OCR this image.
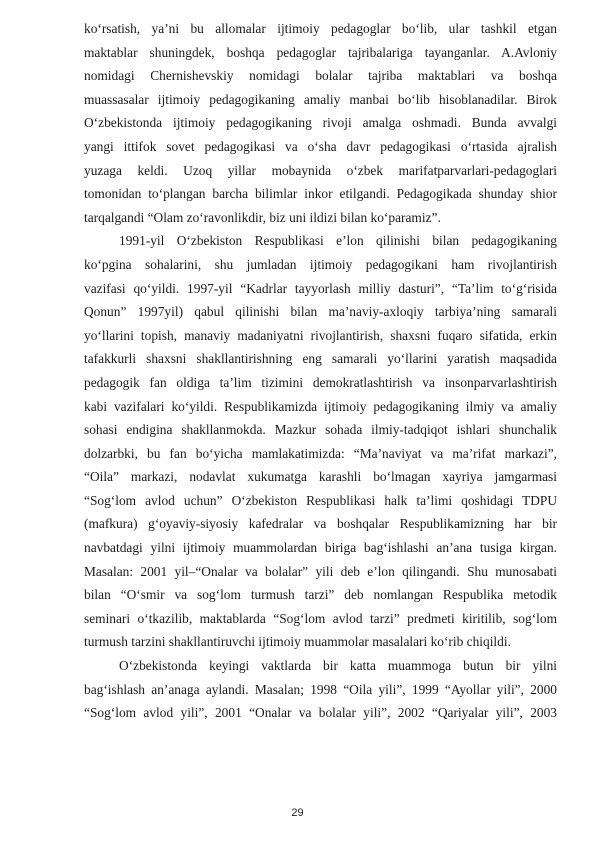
ko‘rsatish, ya’ni bu allomalar ijtimoiy pedagoglar bo‘lib, ular tashkil etgan
maktablar shuningdek, boshqa pedagoglar tajribalariga tayanganlar. A.Avloniy
nomidagi Chernishevskiy nomidagi bolalar tajriba maktablari va boshqa
muassasalar ijtimoiy pedagogikaning amaliy manbai bo‘lib hisoblanadilar. Birok
O‘zbekistonda ijtimoiy pedagogikaning rivoji amalga oshmadi. Bunda avvalgi
yangi ittifok sovet pedagogikasi va o‘sha davr pedagogikasi o‘rtasida ajralish
yuzaga keldi. Uzoq yillar mobaynida o‘zbek marifatparvarlari-pedagoglari
tomonidan to‘plangan barcha bilimlar inkor etilgandi. Pedagogikada shunday shior
tarqalgandi “Olam zo‘ravonlikdir, biz uni ildizi bilan ko‘paramiz”.
1991-yil O‘zbekiston Respublikasi e’lon qilinishi bilan pedagogikaning
ko‘pgina sohalarini, shu jumladan ijtimoiy pedagogikani ham rivojlantirish
vazifasi qo‘yildi. 1997-yil “Kadrlar tayyorlash milliy dasturi”, “Ta’lim to‘g‘risida
Qonun” 1997yil) qabul qilinishi bilan ma’naviy-axloqiy tarbiya’ning samarali
yo‘llarini topish, manaviy madaniyatni rivojlantirish, shaxsni fuqaro sifatida, erkin
tafakkurli shaxsni shakllantirishning eng samarali yo‘llarini yaratish maqsadida
pedagogik fan oldiga ta’lim tizimini demokratlashtirish va insonparvarlashtirish
kabi vazifalari ko‘yildi. Respublikamizda ijtimoiy pedagogikaning ilmiy va amaliy
sohasi endigina shakllanmokda. Mazkur sohada ilmiy-tadqiqot ishlari shunchalik
dolzarbki, bu fan bo‘yicha mamlakatimizda: “Ma’naviyat va ma’rifat markazi”,
“Oila” markazi, nodavlat xukumatga karashli bo‘lmagan xayriya jamgarmasi
“Sog‘lom avlod uchun” O‘zbekiston Respublikasi halk ta’limi qoshidagi TDPU
(mafkura) g‘oyaviy-siyosiy kafedralar va boshqalar Respublikamizning har bir
navbatdagi yilni ijtimoiy muammolardan biriga bag‘ishlashi an’ana tusiga kirgan.
Masalan: 2001 yil–“Onalar va bolalar” yili deb e’lon qilingandi. Shu munosabati
bilan “O‘smir va sog‘lom turmush tarzi” deb nomlangan Respublika metodik
seminari o‘tkazilib, maktablarda “Sog‘lom avlod tarzi” predmeti kiritilib, sog‘lom
turmush tarzini shakllantiruvchi ijtimoiy muammolar masalalari ko‘rib chiqildi.
O‘zbekistonda keyingi vaktlarda bir katta muammoga butun bir yilni
bag‘ishlash an’anaga aylandi. Masalan; 1998 “Oila yili”, 1999 “Ayollar yili”, 2000
“Sog‘lom avlod yili”, 2001 “Onalar va bolalar yili”, 2002 “Qariyalar yili”, 2003
29
